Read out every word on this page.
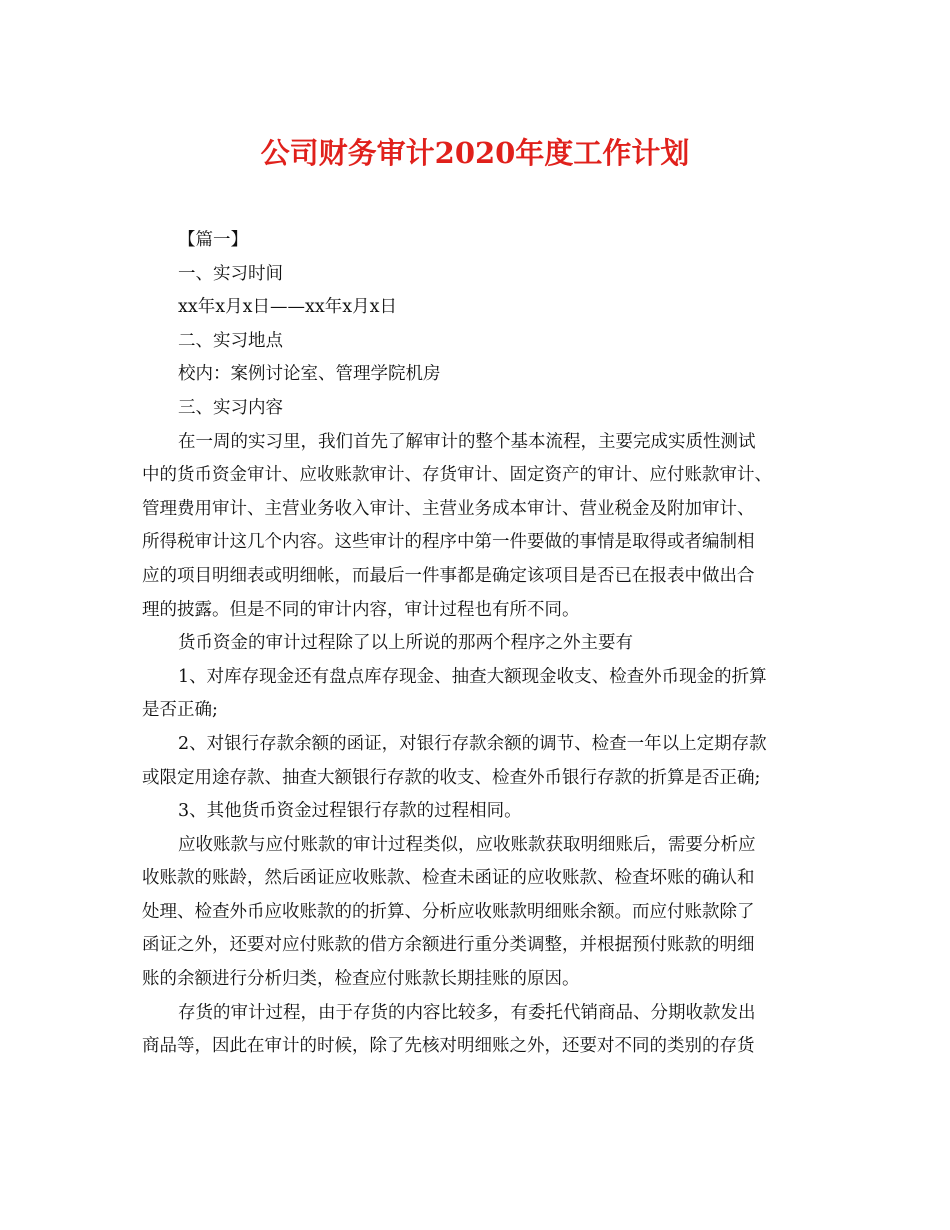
公司财务审计2020年度工作计划
【篇一】
一、实习时间
xx年x月x日——xx年x月x日
二、实习地点
校内：案例讨论室、管理学院机房
三、实习内容
在一周的实习里，我们首先了解审计的整个基本流程，主要完成实质性测试
中的货币资金审计、应收账款审计、存货审计、固定资产的审计、应付账款审计、
管理费用审计、主营业务收入审计、主营业务成本审计、营业税金及附加审计、
所得税审计这几个内容。这些审计的程序中第一件要做的事情是取得或者编制相
应的项目明细表或明细帐，而最后一件事都是确定该项目是否已在报表中做出合
理的披露。但是不同的审计内容，审计过程也有所不同。
货币资金的审计过程除了以上所说的那两个程序之外主要有
1、对库存现金还有盘点库存现金、抽查大额现金收支、检查外币现金的折算
是否正确;
2、对银行存款余额的函证，对银行存款余额的调节、检查一年以上定期存款
或限定用途存款、抽查大额银行存款的收支、检查外币银行存款的折算是否正确;
3、其他货币资金过程银行存款的过程相同。
应收账款与应付账款的审计过程类似，应收账款获取明细账后，需要分析应
收账款的账龄，然后函证应收账款、检查未函证的应收账款、检查坏账的确认和
处理、检查外币应收账款的的折算、分析应收账款明细账余额。而应付账款除了
函证之外，还要对应付账款的借方余额进行重分类调整，并根据预付账款的明细
账的余额进行分析归类，检查应付账款长期挂账的原因。
存货的审计过程，由于存货的内容比较多，有委托代销商品、分期收款发出
商品等，因此在审计的时候，除了先核对明细账之外，还要对不同的类别的存货
